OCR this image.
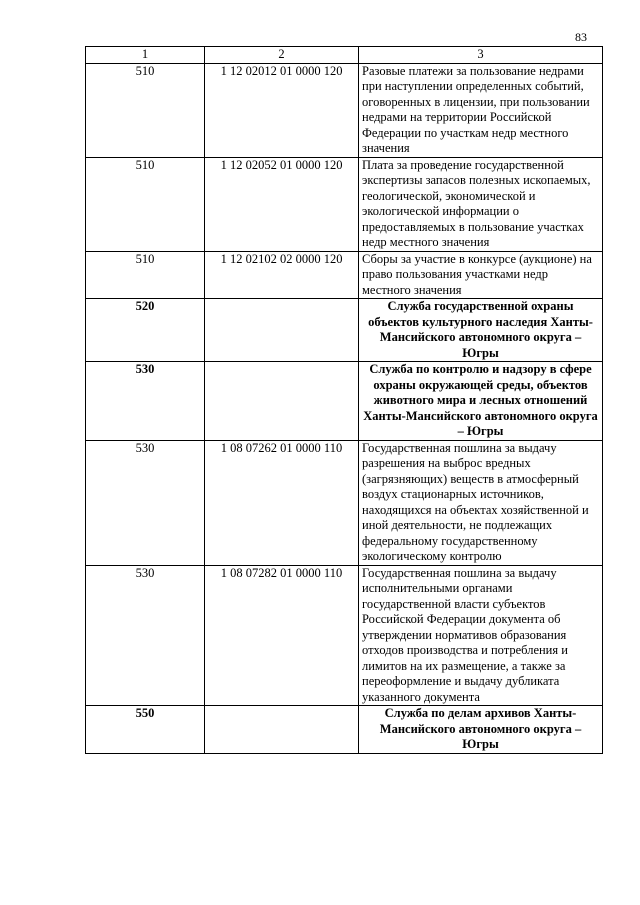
83
1	2	3
510	1 12 02012 01 0000 120	Разовые платежи за пользование недрами при наступлении определенных событий, оговоренных в лицензии, при пользовании недрами на территории Российской Федерации по участкам недр местного значения
510	1 12 02052 01 0000 120	Плата за проведение государственной экспертизы запасов полезных ископаемых, геологической, экономической и экологической информации о предоставляемых в пользование участках недр местного значения
510	1 12 02102 02 0000 120	Сборы за участие в конкурсе (аукционе) на право пользования участками недр местного значения
520		Служба государственной охраны объектов культурного наследия Ханты-Мансийского автономного округа – Югры
530		Служба по контролю и надзору в сфере охраны окружающей среды, объектов животного мира и лесных отношений Ханты-Мансийского автономного округа – Югры
530	1 08 07262 01 0000 110	Государственная пошлина за выдачу разрешения на выброс вредных (загрязняющих) веществ в атмосферный воздух стационарных источников, находящихся на объектах хозяйственной и иной деятельности, не подлежащих федеральному государственному экологическому контролю
530	1 08 07282 01 0000 110	Государственная пошлина за выдачу исполнительными органами государственной власти субъектов Российской Федерации документа об утверждении нормативов образования отходов производства и потребления и лимитов на их размещение, а также за переоформление и выдачу дубликата указанного документа
550		Служба по делам архивов Ханты-Мансийского автономного округа – Югры
